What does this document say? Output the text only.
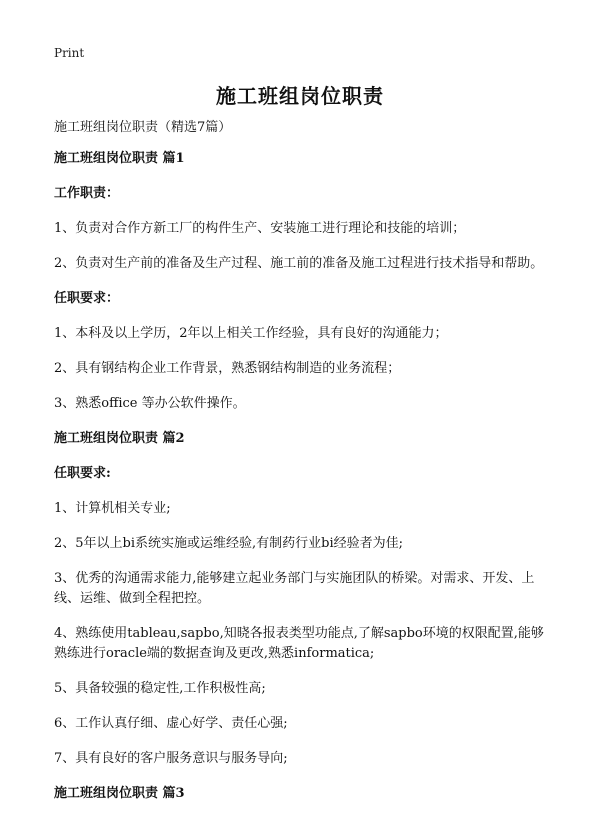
Print
施工班组岗位职责

施工班组岗位职责（精选7篇）

施工班组岗位职责 篇1

工作职责：

1、负责对合作方新工厂的构件生产、安装施工进行理论和技能的培训；

2、负责对生产前的准备及生产过程、施工前的准备及施工过程进行技术指导和帮助。

任职要求：

1、本科及以上学历，2年以上相关工作经验，具有良好的沟通能力；

2、具有钢结构企业工作背景，熟悉钢结构制造的业务流程；

3、熟悉office 等办公软件操作。

施工班组岗位职责 篇2

任职要求:

1、计算机相关专业;

2、5年以上bi系统实施或运维经验,有制药行业bi经验者为佳;

3、优秀的沟通需求能力,能够建立起业务部门与实施团队的桥梁。对需求、开发、上线、运维、做到全程把控。

4、熟练使用tableau,sapbo,知晓各报表类型功能点,了解sapbo环境的权限配置,能够熟练进行oracle端的数据查询及更改,熟悉informatica;

5、具备较强的稳定性,工作积极性高;

6、工作认真仔细、虚心好学、责任心强;

7、具有良好的客户服务意识与服务导向;

施工班组岗位职责 篇3
